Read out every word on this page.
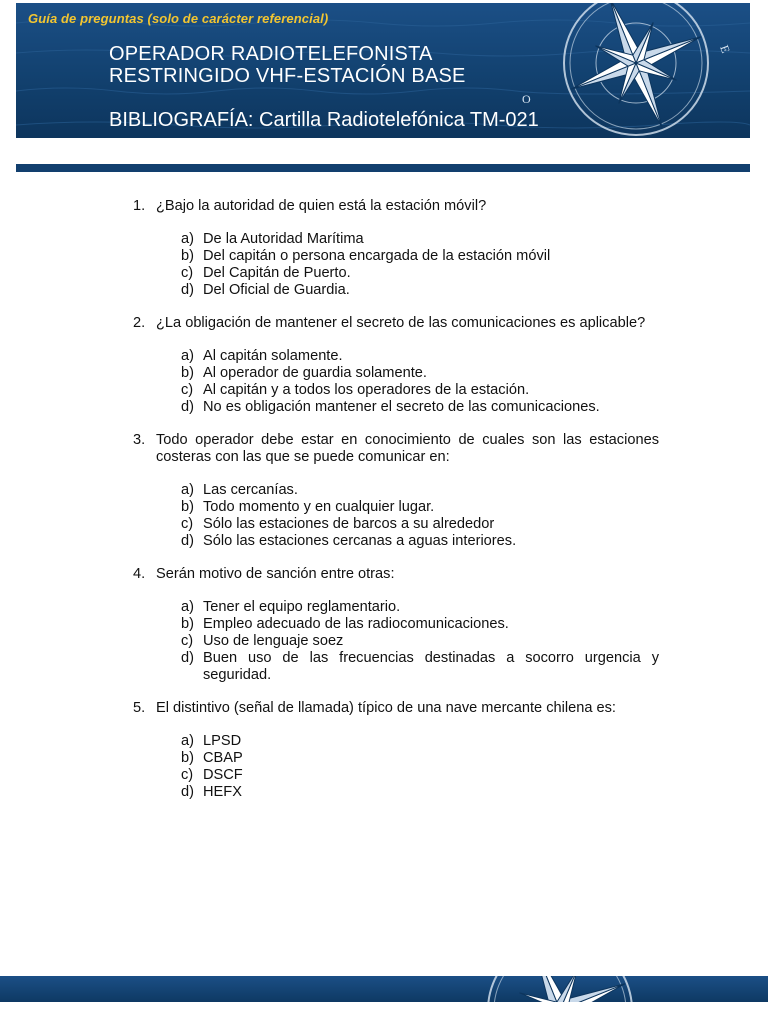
Guía de preguntas (solo de carácter referencial)
OPERADOR RADIOTELEFONISTA
RESTRINGIDO VHF-ESTACIÓN BASE
E
O
BIBLIOGRAFÍA: Cartilla Radiotelefónica TM-021
1. ¿Bajo la autoridad de quien está la estación móvil?
a) De la Autoridad Marítima
b) Del capitán o persona encargada de la estación móvil
c) Del Capitán de Puerto.
d) Del Oficial de Guardia.
2. ¿La obligación de mantener el secreto de las comunicaciones es aplicable?
a) Al capitán solamente.
b) Al operador de guardia solamente.
c) Al capitán y a todos los operadores de la estación.
d) No es obligación mantener el secreto de las comunicaciones.
3. Todo operador debe estar en conocimiento de cuales son las estaciones costeras con las que se puede comunicar en:
a) Las cercanías.
b) Todo momento y en cualquier lugar.
c) Sólo las estaciones de barcos a su alrededor
d) Sólo las estaciones cercanas a aguas interiores.
4. Serán motivo de sanción entre otras:
a) Tener el equipo reglamentario.
b) Empleo adecuado de las radiocomunicaciones.
c) Uso de lenguaje soez
d) Buen uso de las frecuencias destinadas a socorro urgencia y seguridad.
5. El distintivo (señal de llamada) típico de una nave mercante chilena es:
a) LPSD
b) CBAP
c) DSCF
d) HEFX
